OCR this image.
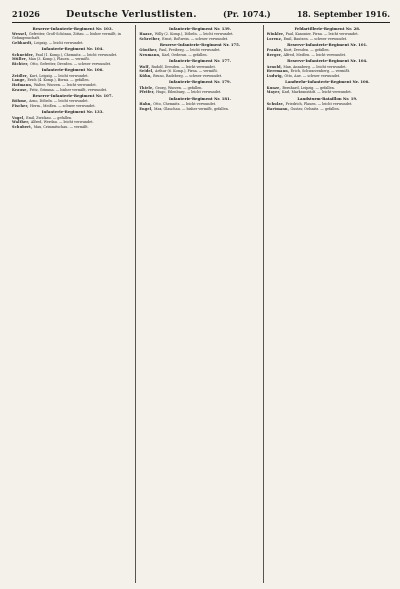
21026	Deutsche Verlustlisten.	(Pr. 1074.)	18. September 1916.
Reserve-Infanterie-Regiment Nr. 103.
Wessel, Gefreiter, Groß-Schönau, Zittau. — bisher vermißt, in Gefangenschaft.
Gebhardt, Leipzig. — leicht verwundet.
Infanterie-Regiment Nr. 104.
Schneider, Paul (1. Komp.), Chemnitz. — leicht verwundet.
Müller, Max (3. Komp.), Plauen. — vermißt.
Richter, Otto, Gefreiter, Dresden. — schwer verwundet.
Infanterie-Regiment Nr. 106.
Zeidler, Kurt, Leipzig. — leicht verwundet.
Lange, Erich (4. Komp.), Borna. — gefallen.
Hofmann, Walter, Wurzen. — leicht verwundet.
Krause, Fritz, Grimma. — bisher vermißt, verwundet.
Reserve-Infanterie-Regiment Nr. 107.
Böhme, Arno, Döbeln. — leicht verwundet.
Fischer, Herm., Meißen. — schwer verwundet.
Infanterie-Regiment Nr. 133.
Vogel, Emil, Zwickau. — gefallen.
Walther, Alfred, Werdau. — leicht verwundet.
Schubert, Max, Crimmitschau. — vermißt.
Infanterie-Regiment Nr. 139.
Haase, Willy (2. Komp.), Döbeln. — leicht verwundet.
Schreiber, Ernst, Roßwein. — schwer verwundet.
Reserve-Infanterie-Regiment Nr. 175.
Günther, Paul, Freiberg. — leicht verwundet.
Neumann, Karl, Oederan. — gefallen.
Infanterie-Regiment Nr. 177.
Wolf, Rudolf, Dresden. — leicht verwundet.
Seidel, Arthur (6. Komp.), Pirna. — vermißt.
Kühn, Bruno, Radeberg. — schwer verwundet.
Infanterie-Regiment Nr. 179.
Thiele, Georg, Wurzen. — gefallen.
Pfeifer, Hugo, Eilenburg. — leicht verwundet.
Infanterie-Regiment Nr. 181.
Hahn, Otto, Chemnitz. — leicht verwundet.
Engel, Max, Glauchau. — bisher vermißt, gefallen.
Feldartillerie-Regiment Nr. 28.
Winkler, Paul, Kanonier, Pirna. — leicht verwundet.
Lorenz, Emil, Bautzen. — schwer verwundet.
Reserve-Infanterie-Regiment Nr. 101.
Franke, Kurt, Dresden. — gefallen.
Berger, Alfred, Meißen. — leicht verwundet.
Reserve-Infanterie-Regiment Nr. 104.
Arnold, Max, Annaberg. — leicht verwundet.
Herrmann, Erich, Schwarzenberg. — vermißt.
Ludwig, Otto, Aue. — schwer verwundet.
Landwehr-Infanterie-Regiment Nr. 106.
Kunze, Bernhard, Leipzig. — gefallen.
Mayer, Karl, Markranstädt. — leicht verwundet.
Landsturm-Bataillon Nr. 19.
Schulze, Friedrich, Plauen. — leicht verwundet.
Hartmann, Gustav, Oelsnitz. — gefallen.
